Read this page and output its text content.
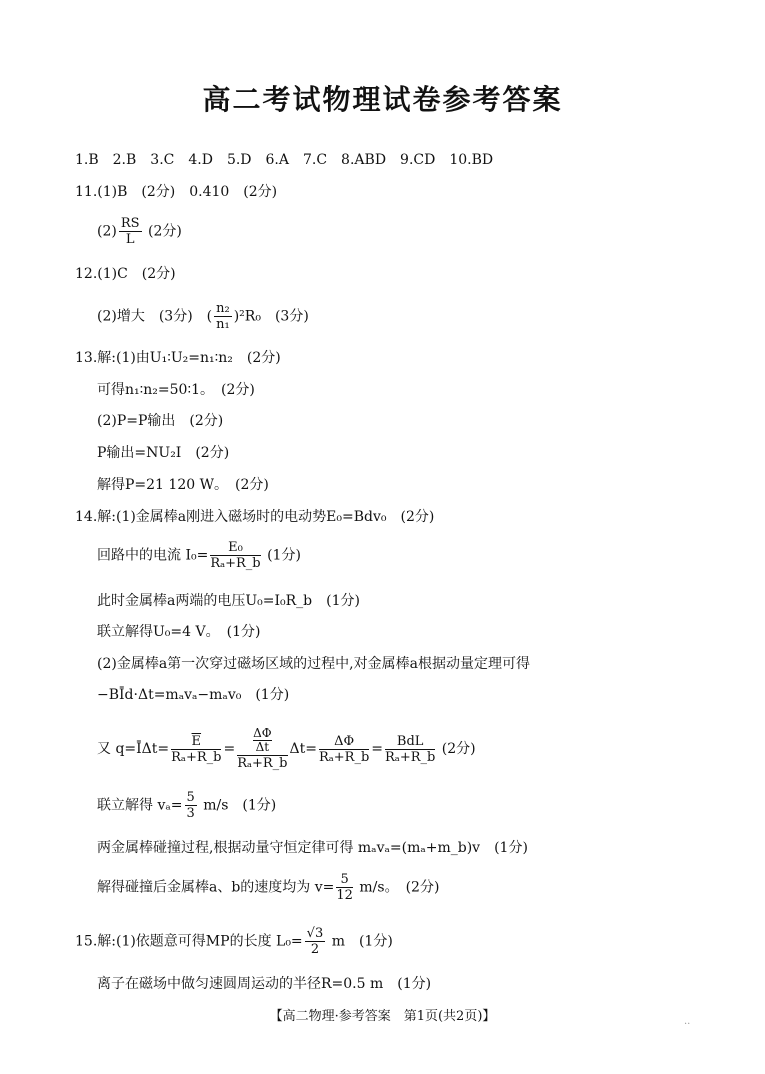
高二考试物理试卷参考答案
1.B　2.B　3.C　4.D　5.D　6.A　7.C　8.ABD　9.CD　10.BD
11.(1)B　(2分)　0.410　(2分)
$(2) \frac{RS}{L} (2$分)
12.(1)C　(2分)
(2)增大　(3分)　( $\frac{\text{n₂}}{\text{n₁}} )^2R_0$　(3分)
13.解:(1)由U₁∶U₂=n₁∶n₂　(2分)
可得n₁∶n₂=50∶1。　(2分)
(2)P=P输出　(2分)
P输出=NU₂I　(2分)
解得P=21 120 W。　(2分)
14.解:(1)金属棒a刚进入磁场时的电动势E₀=Bdv₀　(2分)
回路中的电流 $I_0= \frac{\text{E₀}}{\text{Rₐ+R\_b}} (1$分)
此时金属棒a两端的电压U₀=I₀R_b　(1分)
联立解得U₀=4 V。　(1分)
(2)金属棒a第一次穿过磁场区域的过程中,对金属棒a根据动量定理可得
−BĪd·Δt=mₐvₐ−mₐv₀　(1分)
又 q=ĪΔt= $\frac{\overline{E}}{\text{Rₐ+R\_b}} = \frac{\frac{\Delta\Phi}{\Delta t}}{\text{Rₐ+R\_b}} \Delta t= \frac{\Delta\Phi}{\text{Rₐ+R\_b}} = \frac{\text{BdL}}{\text{Rₐ+R\_b}} (2$分)
联立解得 $v_a= \frac{5}{3} m/s$　(1分)
两金属棒碰撞过程,根据动量守恒定律可得 mₐvₐ=(mₐ+m_b)v　(1分)
解得碰撞后金属棒a、b的速度均为 $v= \frac{5}{12} m/s$。　(2分)
15.解:(1)依题意可得MP的长度 $L_0= \frac{√3}{2}$ m　(1分)
离子在磁场中做匀速圆周运动的半径R=0.5 m　(1分)
【高二物理·参考答案　第1页(共2页)】	..
